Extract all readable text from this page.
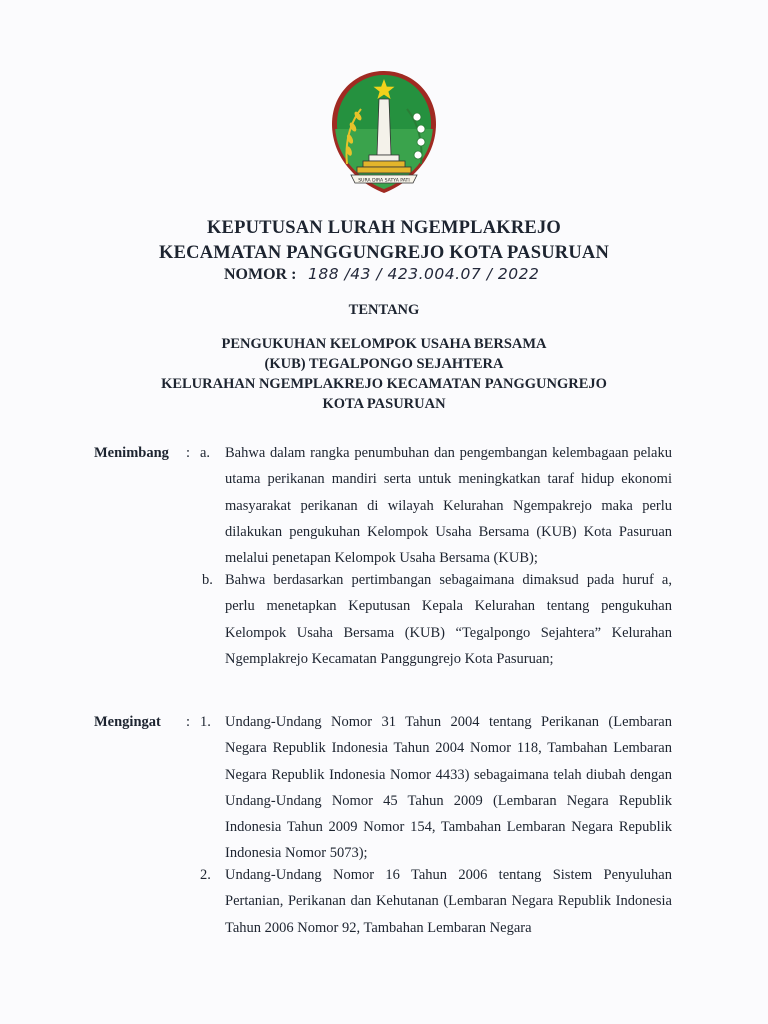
SURA DIRA SATYA PATI
KEPUTUSAN LURAH NGEMPLAKREJO
KECAMATAN PANGGUNGREJO KOTA PASURUAN
NOMOR : 188 /43 / 423.004.07 / 2022
TENTANG
PENGUKUHAN KELOMPOK USAHA BERSAMA
(KUB) TEGALPONGO SEJAHTERA
KELURAHAN NGEMPLAKREJO KECAMATAN PANGGUNGREJO
KOTA PASURUAN
Menimbang : a. Bahwa dalam rangka penumbuhan dan pengembangan kelembagaan pelaku utama perikanan mandiri serta untuk meningkatkan taraf hidup ekonomi masyarakat perikanan di wilayah Kelurahan Ngempakrejo maka perlu dilakukan pengukuhan Kelompok Usaha Bersama (KUB) Kota Pasuruan melalui penetapan Kelompok Usaha Bersama (KUB);
b. Bahwa berdasarkan pertimbangan sebagaimana dimaksud pada huruf a, perlu menetapkan Keputusan Kepala Kelurahan tentang pengukuhan Kelompok Usaha Bersama (KUB) “Tegalpongo Sejahtera” Kelurahan Ngemplakrejo Kecamatan Panggungrejo Kota Pasuruan;
Mengingat : 1. Undang-Undang Nomor 31 Tahun 2004 tentang Perikanan (Lembaran Negara Republik Indonesia Tahun 2004 Nomor 118, Tambahan Lembaran Negara Republik Indonesia Nomor 4433) sebagaimana telah diubah dengan Undang-Undang Nomor 45 Tahun 2009 (Lembaran Negara Republik Indonesia Tahun 2009 Nomor 154, Tambahan Lembaran Negara Republik Indonesia Nomor 5073);
2. Undang-Undang Nomor 16 Tahun 2006 tentang Sistem Penyuluhan Pertanian, Perikanan dan Kehutanan (Lembaran Negara Republik Indonesia Tahun 2006 Nomor 92, Tambahan Lembaran Negara
